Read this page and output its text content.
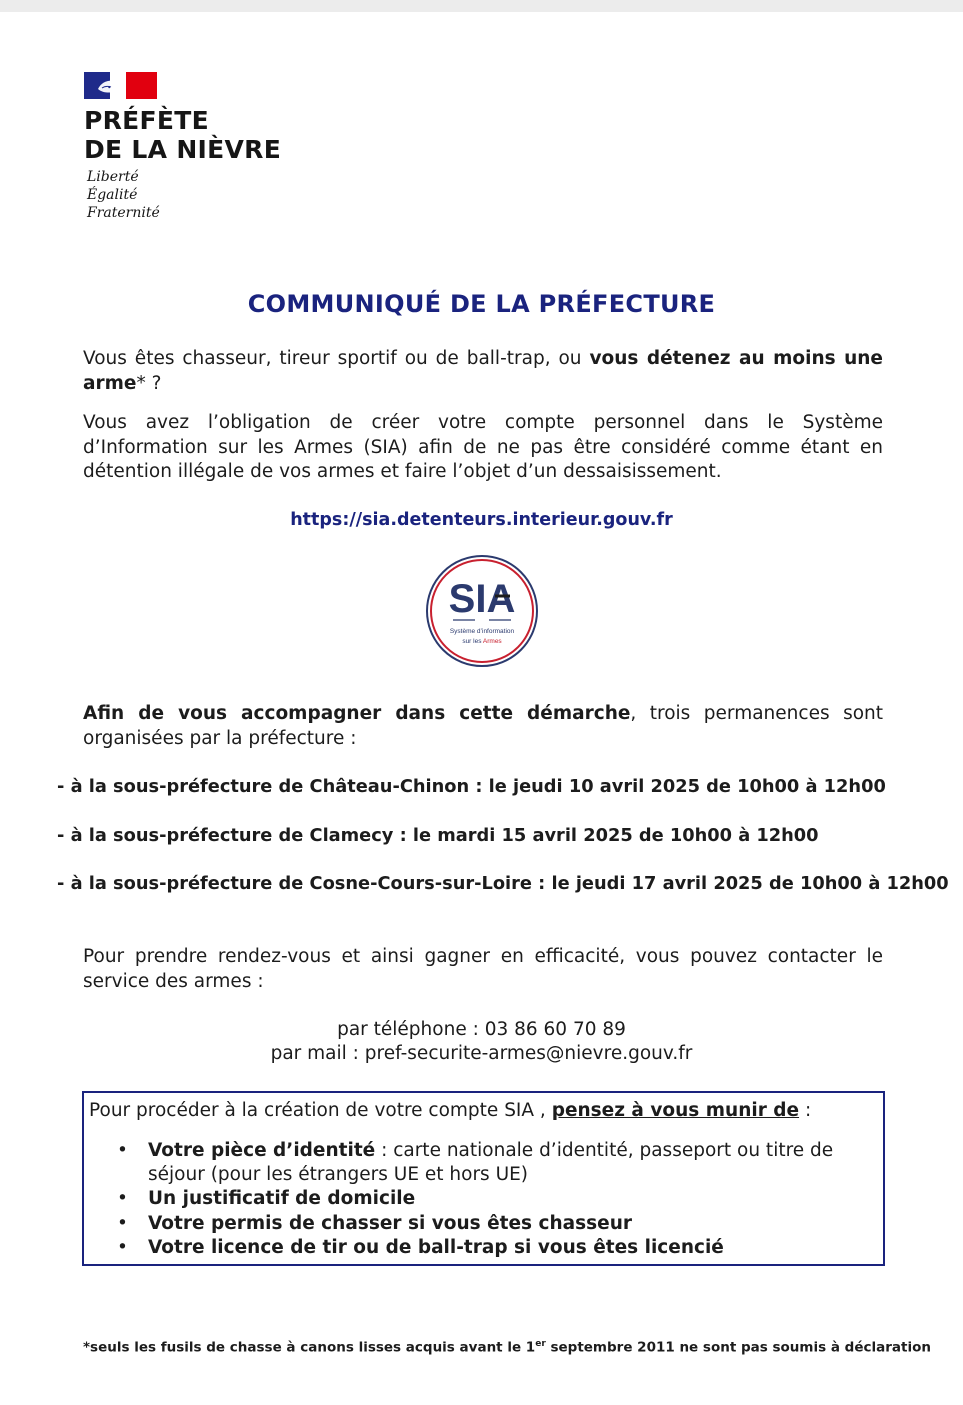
PRÉFÈTE
DE LA NIÈVRE
Liberté
Égalité
Fraternité
COMMUNIQUÉ DE LA PRÉFECTURE

Vous êtes chasseur, tireur sportif ou de ball-trap, ou vous détenez au moins une arme* ?

Vous avez l’obligation de créer votre compte personnel dans le Système d’Information sur les Armes (SIA) afin de ne pas être considéré comme étant en détention illégale de vos armes et faire l’objet d’un dessaisissement.

https://sia.detenteurs.interieur.gouv.fr

SIA
Système d’information
sur les Armes

Afin de vous accompagner dans cette démarche, trois permanences sont organisées par la préfecture :

- à la sous-préfecture de Château-Chinon : le jeudi 10 avril 2025 de 10h00 à 12h00

- à la sous-préfecture de Clamecy : le mardi 15 avril 2025 de 10h00 à 12h00

- à la sous-préfecture de Cosne-Cours-sur-Loire : le jeudi 17 avril 2025 de 10h00 à 12h00

Pour prendre rendez-vous et ainsi gagner en efficacité, vous pouvez contacter le service des armes :

par téléphone : 03 86 60 70 89

par mail : pref-securite-armes@nievre.gouv.fr

Pour procéder à la création de votre compte SIA , pensez à vous munir de :

• Votre pièce d’identité : carte nationale d’identité, passeport ou titre de séjour (pour les étrangers UE et hors UE)
• Un justificatif de domicile
• Votre permis de chasser si vous êtes chasseur
• Votre licence de tir ou de ball-trap si vous êtes licencié

*seuls les fusils de chasse à canons lisses acquis avant le 1er septembre 2011 ne sont pas soumis à déclaration
